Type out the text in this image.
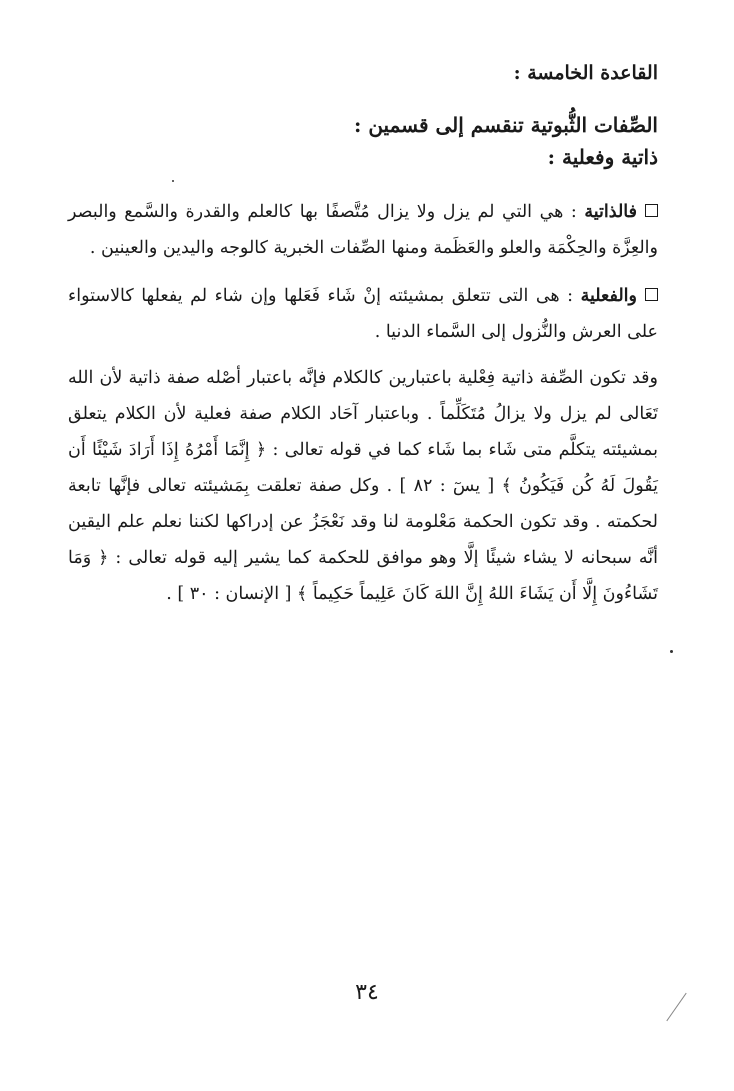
القاعدة الخامسة :
الصِّفات الثُّبوتية تنقسم إلى قسمين :
ذاتية وفعلية :
فالذاتية : هي التي لم يزل ولا يزال مُتَّصفًا بها كالعلم والقدرة والسَّمع والبصر والعِزَّة والحِكْمَة والعلو والعَظَمة ومنها الصِّفات الخبرية كالوجه واليدين والعينين .
والفعلية : هى التى تتعلق بمشيئته إنْ شَاء فَعَلها وإن شاء لم يفعلها كالاستواء على العرش والنُّزول إلى السَّماء الدنيا .
وقد تكون الصِّفة ذاتية فِعْلية باعتبارين كالكلام فإنَّه باعتبار أصْله صفة ذاتية لأن الله تَعَالى لم يزل ولا يزالُ مُتَكَلِّماً . وباعتبار آحَاد الكلام صفة فعلية لأن الكلام يتعلق بمشيئته يتكلَّم متى شَاء بما شَاء كما في قوله تعالى : ﴿ إِنَّمَا أَمْرُهُ إِذَا أَرَادَ شَيْئًا أَن يَقُولَ لَهُ كُن فَيَكُونُ ﴾ [ يسٓ : ٨٢ ] . وكل صفة تعلقت بِمَشيئته تعالى فإنَّها تابعة لحكمته . وقد تكون الحكمة مَعْلومة لنا وقد نَعْجَزُ عن إدراكها لكننا نعلم علم اليقين أنَّه سبحانه لا يشاء شيئًا إلَّا وهو موافق للحكمة كما يشير إليه قوله تعالى : ﴿ وَمَا تَشَاءُونَ إِلَّا أَن يَشَاءَ اللهُ إِنَّ اللهَ كَانَ عَلِيماً حَكِيماً ﴾ [ الإنسان : ٣٠ ] .
٣٤
